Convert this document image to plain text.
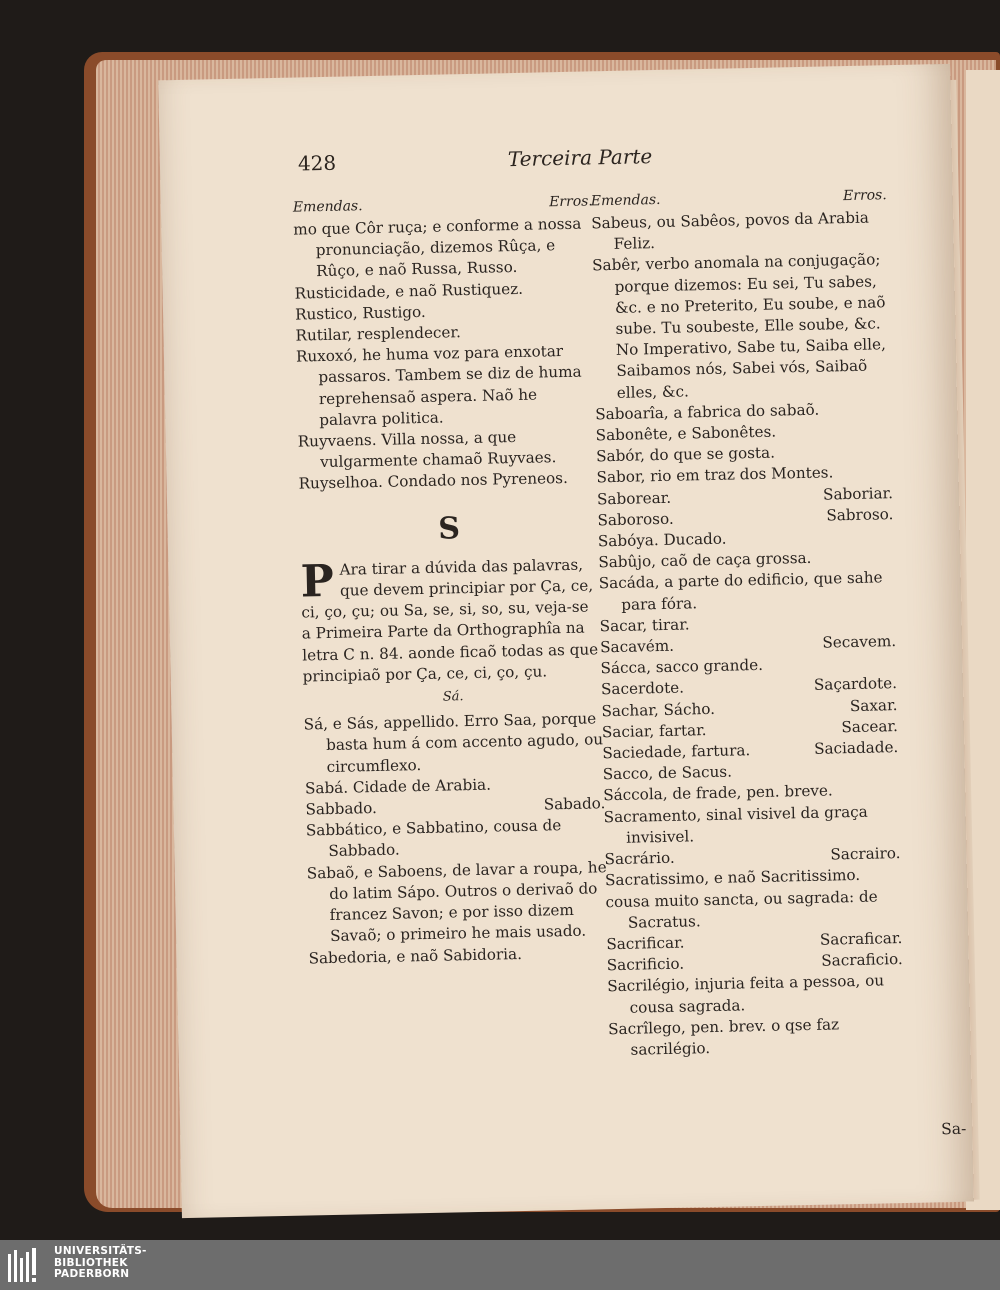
428	Terceira Parte
Emendas.	Erros.

mo que Côr ruça; e conforme a nossa pronunciação, dizemos Rûça, e Rûço, e naõ Russa, Russo.

Rusticidade, e naõ Rustiquez.

Rustico, Rustigo.

Rutilar, resplendecer.

Ruxoxó, he huma voz para enxotar passaros. Tambem se diz de huma reprehensaõ aspera. Naõ he palavra politica.

Ruyvaens. Villa nossa, a que vulgarmente chamaõ Ruyvaes.

Ruyselhoa. Condado nos Pyreneos.

S

P Ara tirar a dúvida das palavras, que devem principiar por Ça, ce, ci, ço, çu; ou Sa, se, si, so, su, veja-se a Primeira Parte da Orthographîa na letra C n. 84. aonde ficaõ todas as que principiaõ por Ça, ce, ci, ço, çu.

Sá.

Sá, e Sás, appellido. Erro Saa, porque basta hum á com accento agudo, ou circumflexo.

Sabá. Cidade de Arabia.

Sabbado.	Sabado.

Sabbático, e Sabbatino, cousa de Sabbado.

Sabaõ, e Saboens, de lavar a roupa, he do latim Sápo. Outros o derivaõ do francez Savon; e por isso dizem Savaõ; o primeiro he mais usado.

Sabedoria, e naõ Sabidoria.

Emendas.	Erros.

Sabeus, ou Sabêos, povos da Arabia Feliz.

Sabêr, verbo anomala na conjugação; porque dizemos: Eu sei, Tu sabes, &c. e no Preterito, Eu soube, e naõ sube. Tu soubeste, Elle soube, &c. No Imperativo, Sabe tu, Saiba elle, Saibamos nós, Sabei vós, Saibaõ elles, &c.

Saboarîa, a fabrica do sabaõ.

Sabonête, e Sabonêtes.

Sabór, do que se gosta.

Sabor, rio em traz dos Montes.

Saborear.	Saboriar.

Saboroso.	Sabroso.

Sabóya. Ducado.

Sabûjo, caõ de caça grossa.

Sacáda, a parte do edificio, que sahe para fóra.

Sacar, tirar.

Sacavém.	Secavem.

Sácca, sacco grande.

Sacerdote.	Saçardote.

Sachar, Sácho.	Saxar.

Saciar, fartar.	Sacear.

Saciedade, fartura.	Saciadade.

Sacco, de Sacus.

Sáccola, de frade, pen. breve.

Sacramento, sinal visivel da graça invisivel.

Sacrário.	Sacrairo.

Sacratissimo, e naõ Sacritissimo.

cousa muito sancta, ou sagrada: de Sacratus.

Sacrificar.	Sacraficar.

Sacrificio.	Sacraficio.

Sacrilégio, injuria feita a pessoa, ou cousa sagrada.

Sacrîlego, pen. brev. o qse faz sacrilégio.

Sa-
UNIVERSITÄTS-
BIBLIOTHEK
PADERBORN
